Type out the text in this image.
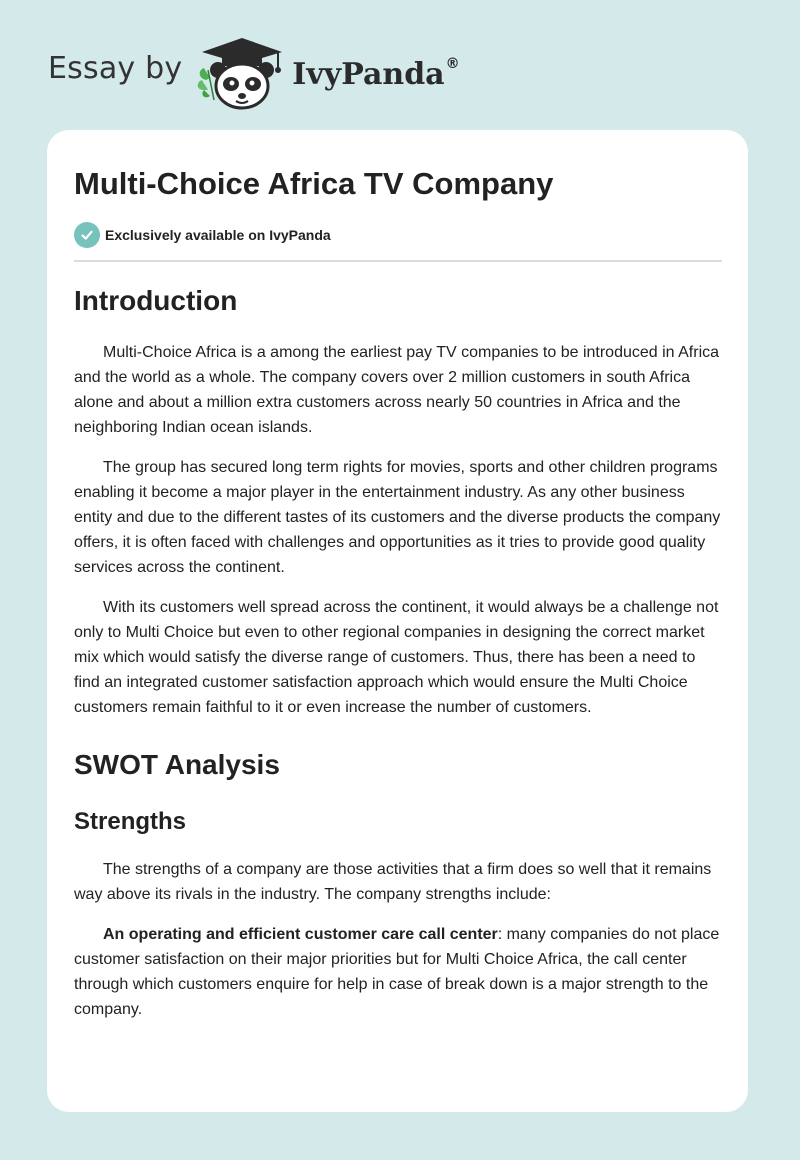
Essay by	IvyPanda®
Multi-Choice Africa TV Company
Exclusively available on IvyPanda
Introduction

Multi-Choice Africa is a among the earliest pay TV companies to be introduced in Africa and the world as a whole. The company covers over 2 million customers in south Africa alone and about a million extra customers across nearly 50 countries in Africa and the neighboring Indian ocean islands.

The group has secured long term rights for movies, sports and other children programs enabling it become a major player in the entertainment industry. As any other business entity and due to the different tastes of its customers and the diverse products the company offers, it is often faced with challenges and opportunities as it tries to provide good quality services across the continent.

With its customers well spread across the continent, it would always be a challenge not only to Multi Choice but even to other regional companies in designing the correct market mix which would satisfy the diverse range of customers. Thus, there has been a need to find an integrated customer satisfaction approach which would ensure the Multi Choice customers remain faithful to it or even increase the number of customers.

SWOT Analysis
Strengths

The strengths of a company are those activities that a firm does so well that it remains way above its rivals in the industry. The company strengths include:

An operating and efficient customer care call center: many companies do not place customer satisfaction on their major priorities but for Multi Choice Africa, the call center through which customers enquire for help in case of break down is a major strength to the company.
